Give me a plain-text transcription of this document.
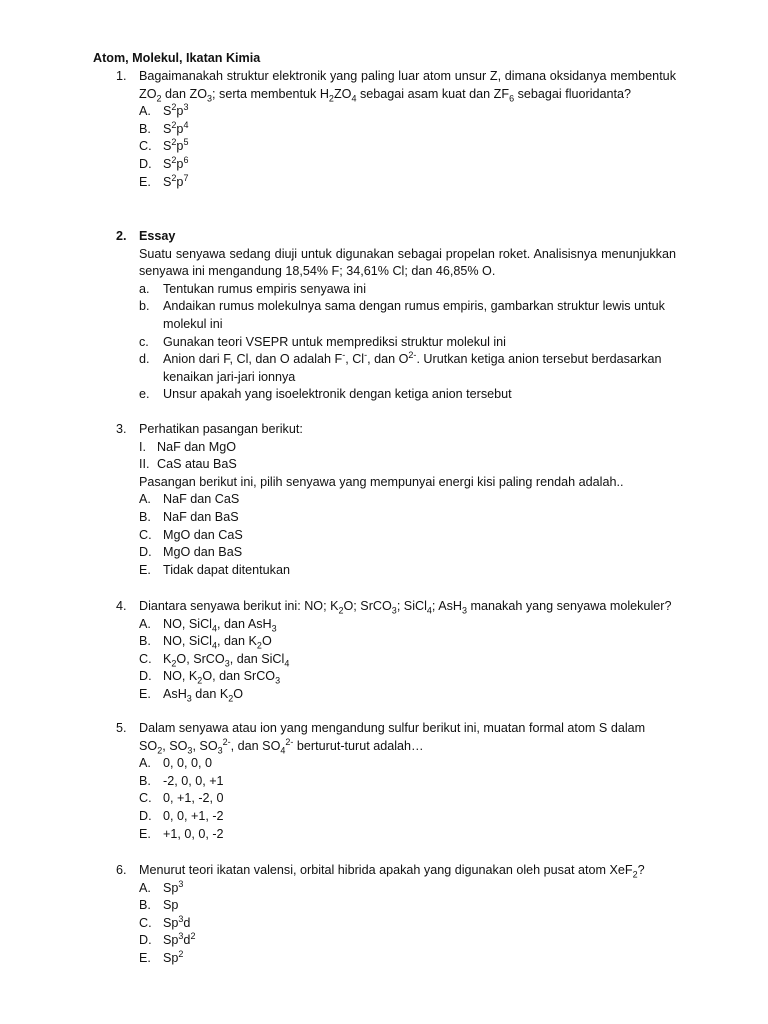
Atom, Molekul, Ikatan Kimia
1. Bagaimanakah struktur elektronik yang paling luar atom unsur Z, dimana oksidanya membentuk $ZO_2$ dan $ZO_3$; serta membentuk $H_2ZO_4$ sebagai asam kuat dan $ZF_6$ sebagai fluoridanta?
A. $S^2p^3$
B. $S^2p^4$
C. $S^2p^5$
D. $S^2p^6$
E. $S^2p^7$
2. Essay
Suatu senyawa sedang diuji untuk digunakan sebagai propelan roket. Analisisnya menunjukkan senyawa ini mengandung 18,54% F; 34,61% Cl; dan 46,85% O.
a. Tentukan rumus empiris senyawa ini
b. Andaikan rumus molekulnya sama dengan rumus empiris, gambarkan struktur lewis untuk molekul ini
c. Gunakan teori VSEPR untuk memprediksi struktur molekul ini
d. Anion dari F, Cl, dan O adalah F-, Cl-, dan $O^{2-}$. Urutkan ketiga anion tersebut berdasarkan kenaikan jari-jari ionnya
e. Unsur apakah yang isoelektronik dengan ketiga anion tersebut
3. Perhatikan pasangan berikut:
I. NaF dan MgO
II. CaS atau BaS
Pasangan berikut ini, pilih senyawa yang mempunyai energi kisi paling rendah adalah..
A. NaF dan CaS
B. NaF dan BaS
C. MgO dan CaS
D. MgO dan BaS
E. Tidak dapat ditentukan
4. Diantara senyawa berikut ini: NO; $K_2O$; SrCO$_3$; SiCl$_4$; AsH$_3$ manakah yang senyawa molekuler?
A. NO, SiCl$_4$, dan AsH$_3$
B. NO, SiCl$_4$, dan $K_2O$
C. $K_2O$, SrCO$_3$, dan SiCl$_4$
D. NO, $K_2O$, dan SrCO$_3$
E. AsH$_3$ dan $K_2O$
5. Dalam senyawa atau ion yang mengandung sulfur berikut ini, muatan formal atom S dalam
$SO_2$, $SO_3$, $SO_3^{2-}$, dan $SO_4^{2-}$ berturut-turut adalah…
A. 0, 0, 0, 0
B. -2, 0, 0, +1
C. 0, +1, -2, 0
D. 0, 0, +1, -2
E. +1, 0, 0, -2
6. Menurut teori ikatan valensi, orbital hibrida apakah yang digunakan oleh pusat atom XeF$_2$?
A. Sp$^3$
B. Sp
C. Sp$^3$d
D. $Sp^3d^2$
E. Sp$^2$
